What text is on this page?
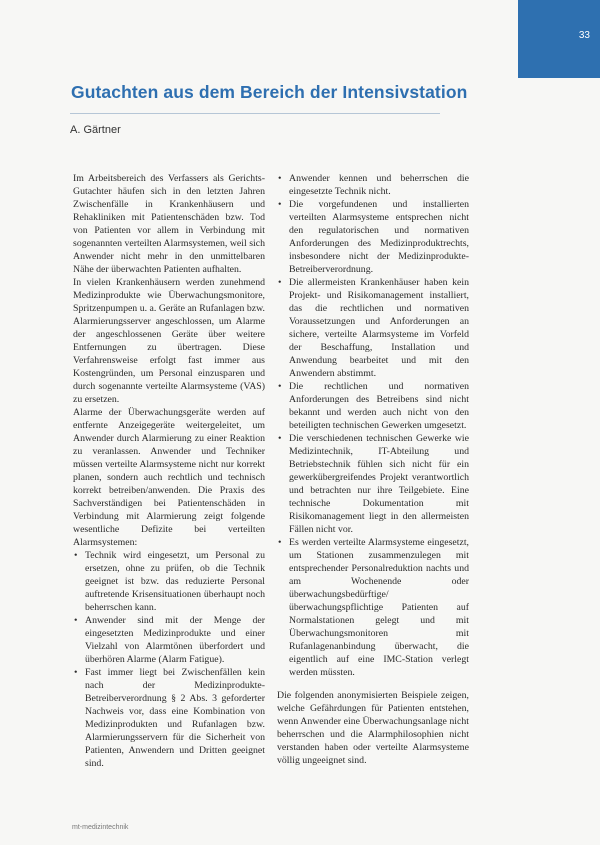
33
Gutachten aus dem Bereich der Intensivstation
A. Gärtner

Im Arbeitsbereich des Verfassers als Gerichts-Gutachter häufen sich in den letzten Jahren Zwischenfälle in Krankenhäusern und Rehakliniken mit Patientenschäden bzw. Tod von Patienten vor allem in Verbindung mit sogenannten verteilten Alarmsystemen, weil sich Anwender nicht mehr in den unmittelbaren Nähe der überwachten Patienten aufhalten.

In vielen Krankenhäusern werden zunehmend Medizinprodukte wie Überwachungsmonitore, Spritzenpumpen u. a. Geräte an Rufanlagen bzw. Alarmierungsserver angeschlossen, um Alarme der angeschlossenen Geräte über weitere Entfernungen zu übertragen. Diese Verfahrensweise erfolgt fast immer aus Kostengründen, um Personal einzusparen und durch sogenannte verteilte Alarmsysteme (VAS) zu ersetzen.

Alarme der Überwachungsgeräte werden auf entfernte Anzeigegeräte weitergeleitet, um Anwender durch Alarmierung zu einer Reaktion zu veranlassen. Anwender und Techniker müssen verteilte Alarmsysteme nicht nur korrekt planen, sondern auch rechtlich und technisch korrekt betreiben/anwenden. Die Praxis des Sachverständigen bei Patientenschäden in Verbindung mit Alarmierung zeigt folgende wesentliche Defizite bei verteilten Alarmsystemen:

• Technik wird eingesetzt, um Personal zu ersetzen, ohne zu prüfen, ob die Technik geeignet ist bzw. das reduzierte Personal auftretende Krisensituationen überhaupt noch beherrschen kann.
• Anwender sind mit der Menge der eingesetzten Medizinprodukte und einer Vielzahl von Alarmtönen überfordert und überhören Alarme (Alarm Fatigue).
• Fast immer liegt bei Zwischenfällen kein nach der Medizinprodukte-Betreiberverordnung § 2 Abs. 3 geforderter Nachweis vor, dass eine Kombination von Medizinprodukten und Rufanlagen bzw. Alarmierungsservern für die Sicherheit von Patienten, Anwendern und Dritten geeignet sind.
• Anwender kennen und beherrschen die eingesetzte Technik nicht.
• Die vorgefundenen und installierten verteilten Alarmsysteme entsprechen nicht den regulatorischen und normativen Anforderungen des Medizinproduktrechts, insbesondere nicht der Medizinprodukte-Betreiberverordnung.
• Die allermeisten Krankenhäuser haben kein Projekt- und Risikomanagement installiert, das die rechtlichen und normativen Voraussetzungen und Anforderungen an sichere, verteilte Alarmsysteme im Vorfeld der Beschaffung, Installation und Anwendung bearbeitet und mit den Anwendern abstimmt.
• Die rechtlichen und normativen Anforderungen des Betreibens sind nicht bekannt und werden auch nicht von den beteiligten technischen Gewerken umgesetzt.
• Die verschiedenen technischen Gewerke wie Medizintechnik, IT-Abteilung und Betriebstechnik fühlen sich nicht für ein gewerkübergreifendes Projekt verantwortlich und betrachten nur ihre Teilgebiete. Eine technische Dokumentation mit Risikomanagement liegt in den allermeisten Fällen nicht vor.
• Es werden verteilte Alarmsysteme eingesetzt, um Stationen zusammenzulegen mit entsprechender Personalreduktion nachts und am Wochenende oder überwachungsbedürftige/überwachungspflichtige Patienten auf Normalstationen gelegt und mit Überwachungsmonitoren mit Rufanlagenanbindung überwacht, die eigentlich auf eine IMC-Station verlegt werden müssten.

Die folgenden anonymisierten Beispiele zeigen, welche Gefährdungen für Patienten entstehen, wenn Anwender eine Überwachungsanlage nicht beherrschen und die Alarmphilosophien nicht verstanden haben oder verteilte Alarmsysteme völlig ungeeignet sind.

mt-medizintechnik
